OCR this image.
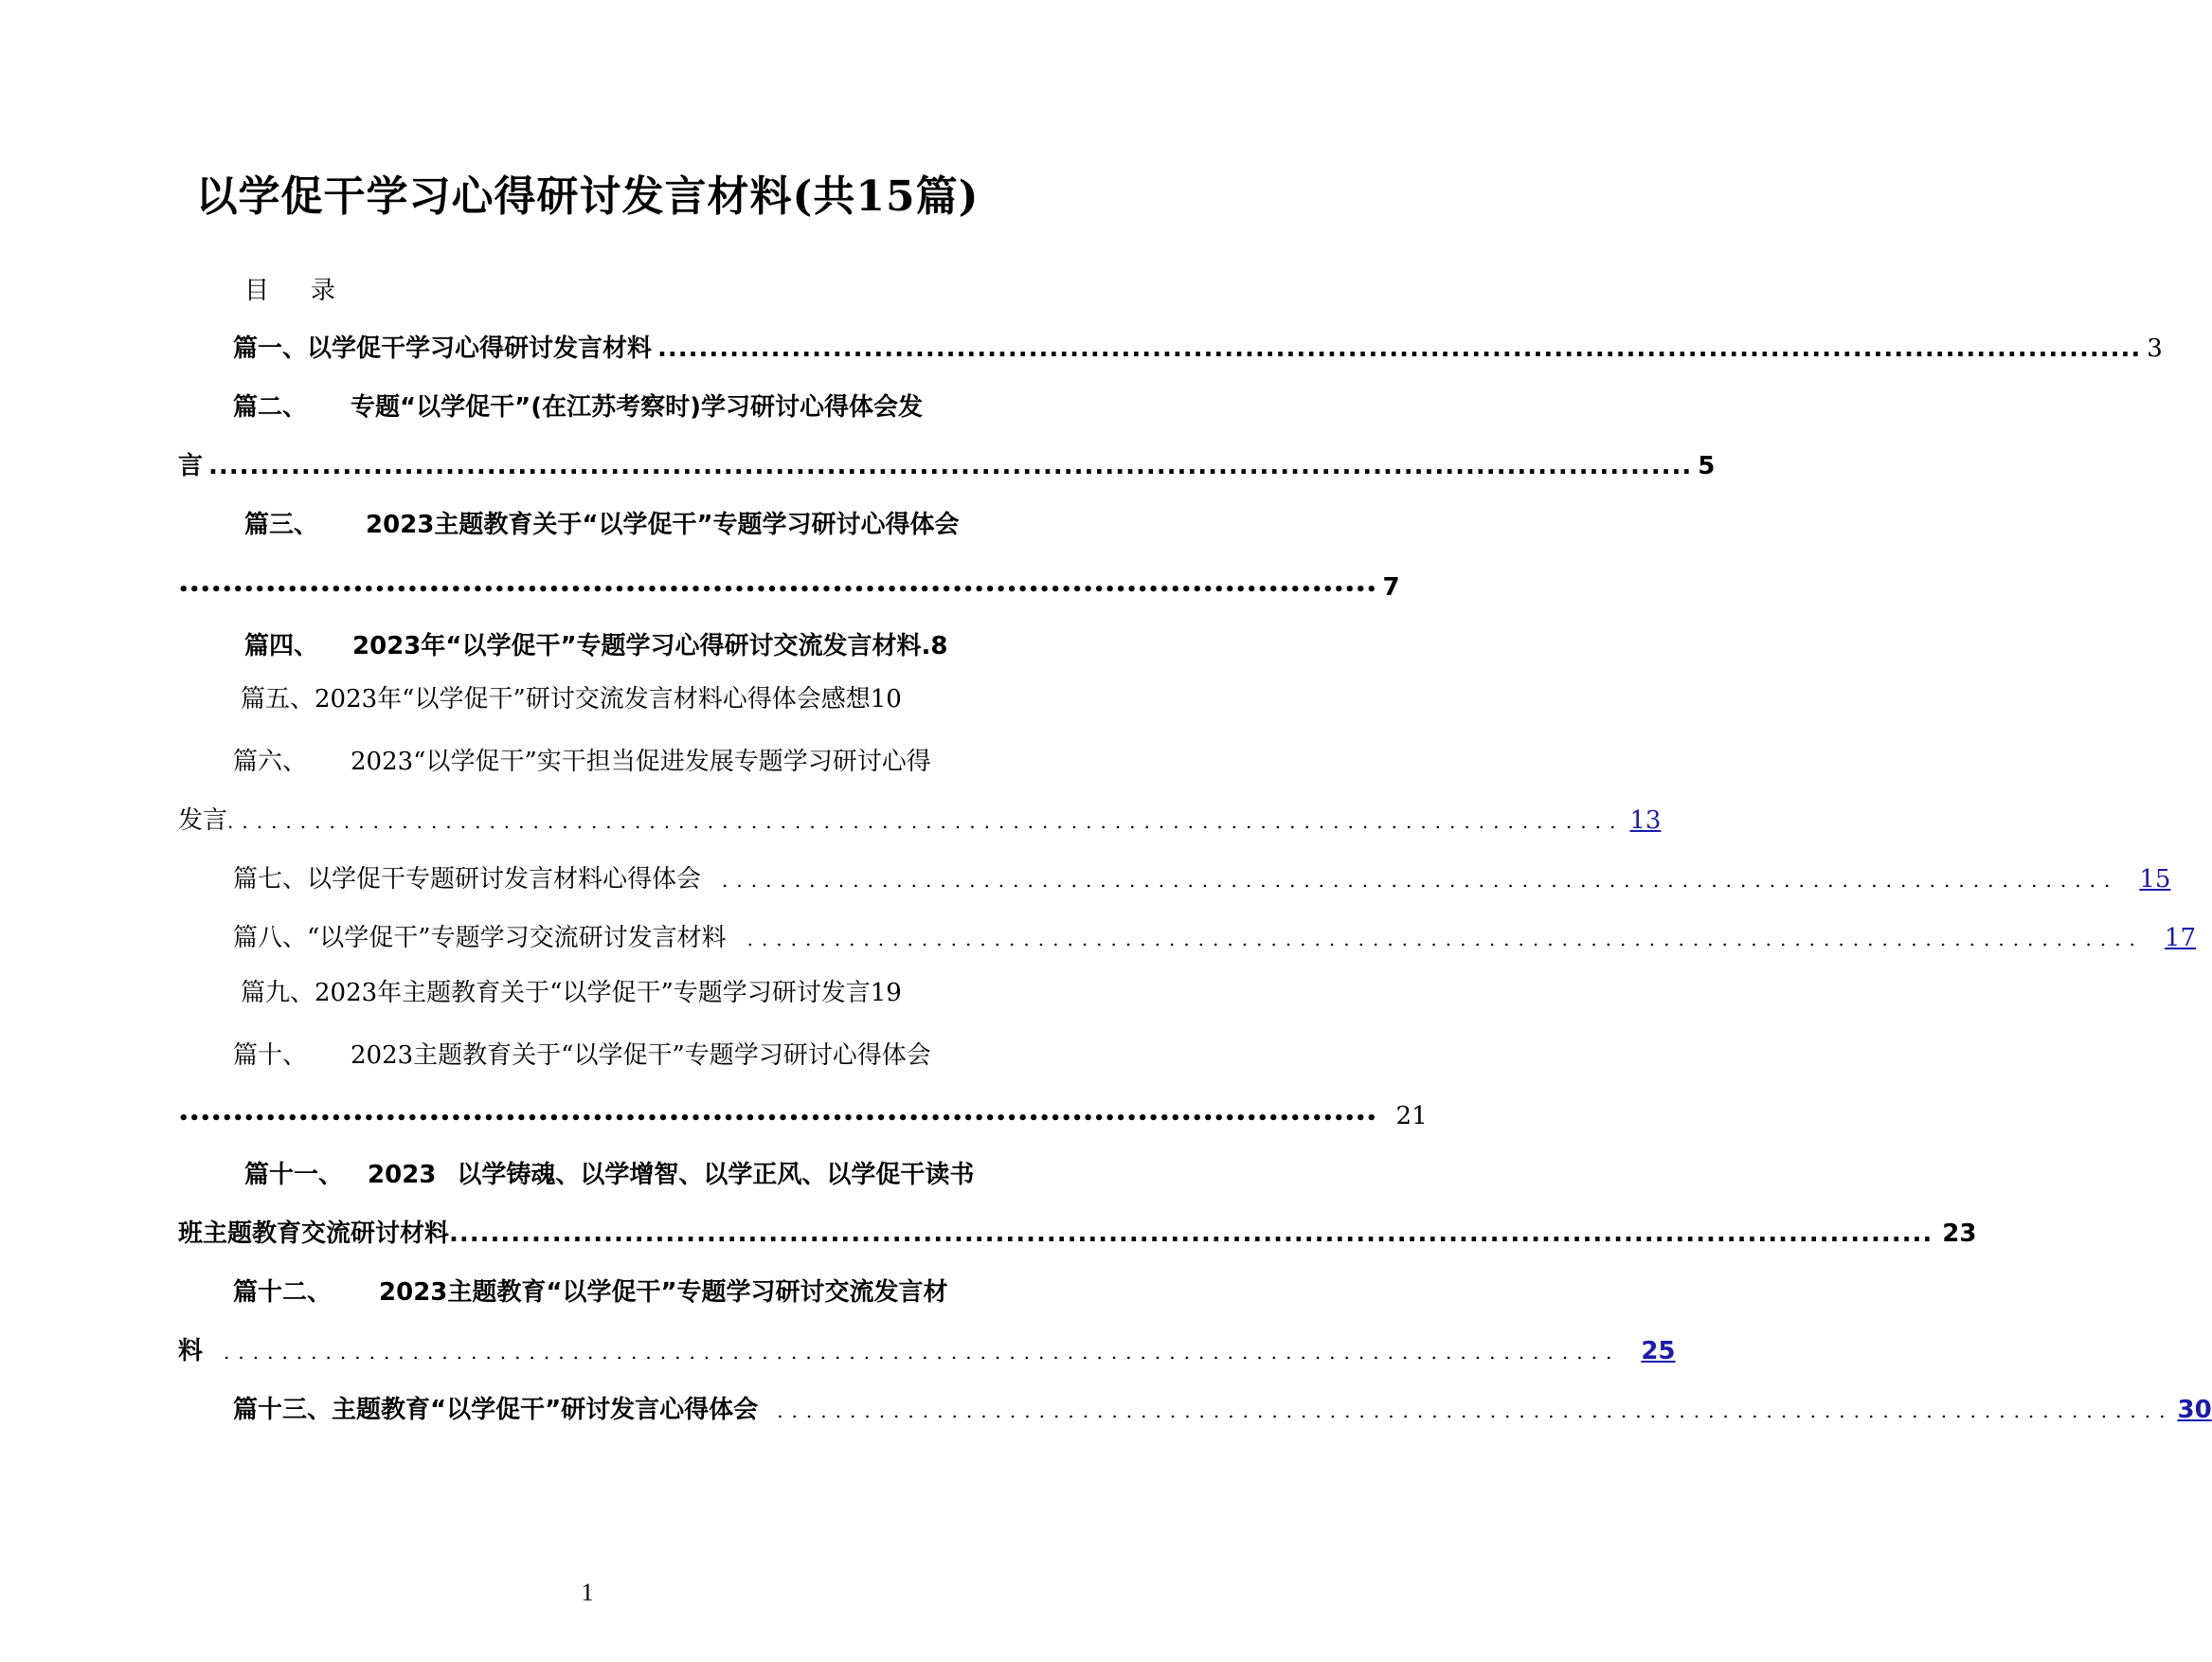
以学促干学习心得研讨发言材料(共15篇)
目 录
篇一、以学促干学习心得研讨发言材料 ................................................................................................................................................ 3
篇二、 专题“以学促干”(在江苏考察时)学习研讨心得体会发
言 ................................................................................................................................................ 5
篇三、 2023主题教育关于“以学促干”专题学习研讨心得体会
•••••••••••••••••••••••••••••••••••••••••••••••••••••••••••••••••••••••••••••••••••••••••••••••••••••••••••••• 7
篇四、 2023年“以学促干”专题学习心得研讨交流发言材料.8
篇五、2023年“以学促干”研讨交流发言材料心得体会感想10
篇六、 2023“以学促干”实干担当促进发展专题学习研讨心得
发言 ................................................................................................ 13
篇七、以学促干专题研讨发言材料心得体会 ................................................................................................ 15
篇八、“以学促干”专题学习交流研讨发言材料 ................................................................................................ 17
篇九、2023年主题教育关于“以学促干”专题学习研讨发言19
篇十、 2023主题教育关于“以学促干”专题学习研讨心得体会
•••••••••••••••••••••••••••••••••••••••••••••••••••••••••••••••••••••••••••••••••••••••••••••••••••••••••••••• 21
篇十一、 2023 以学铸魂、以学增智、以学正风、以学促干读书
班主题教育交流研讨材料 ................................................................................................................................................ 23
篇十二、 2023主题教育“以学促干”专题学习研讨交流发言材
料 ................................................................................................ 25
篇十三、主题教育“以学促干”研讨发言心得体会 ................................................................................................ 30
1
